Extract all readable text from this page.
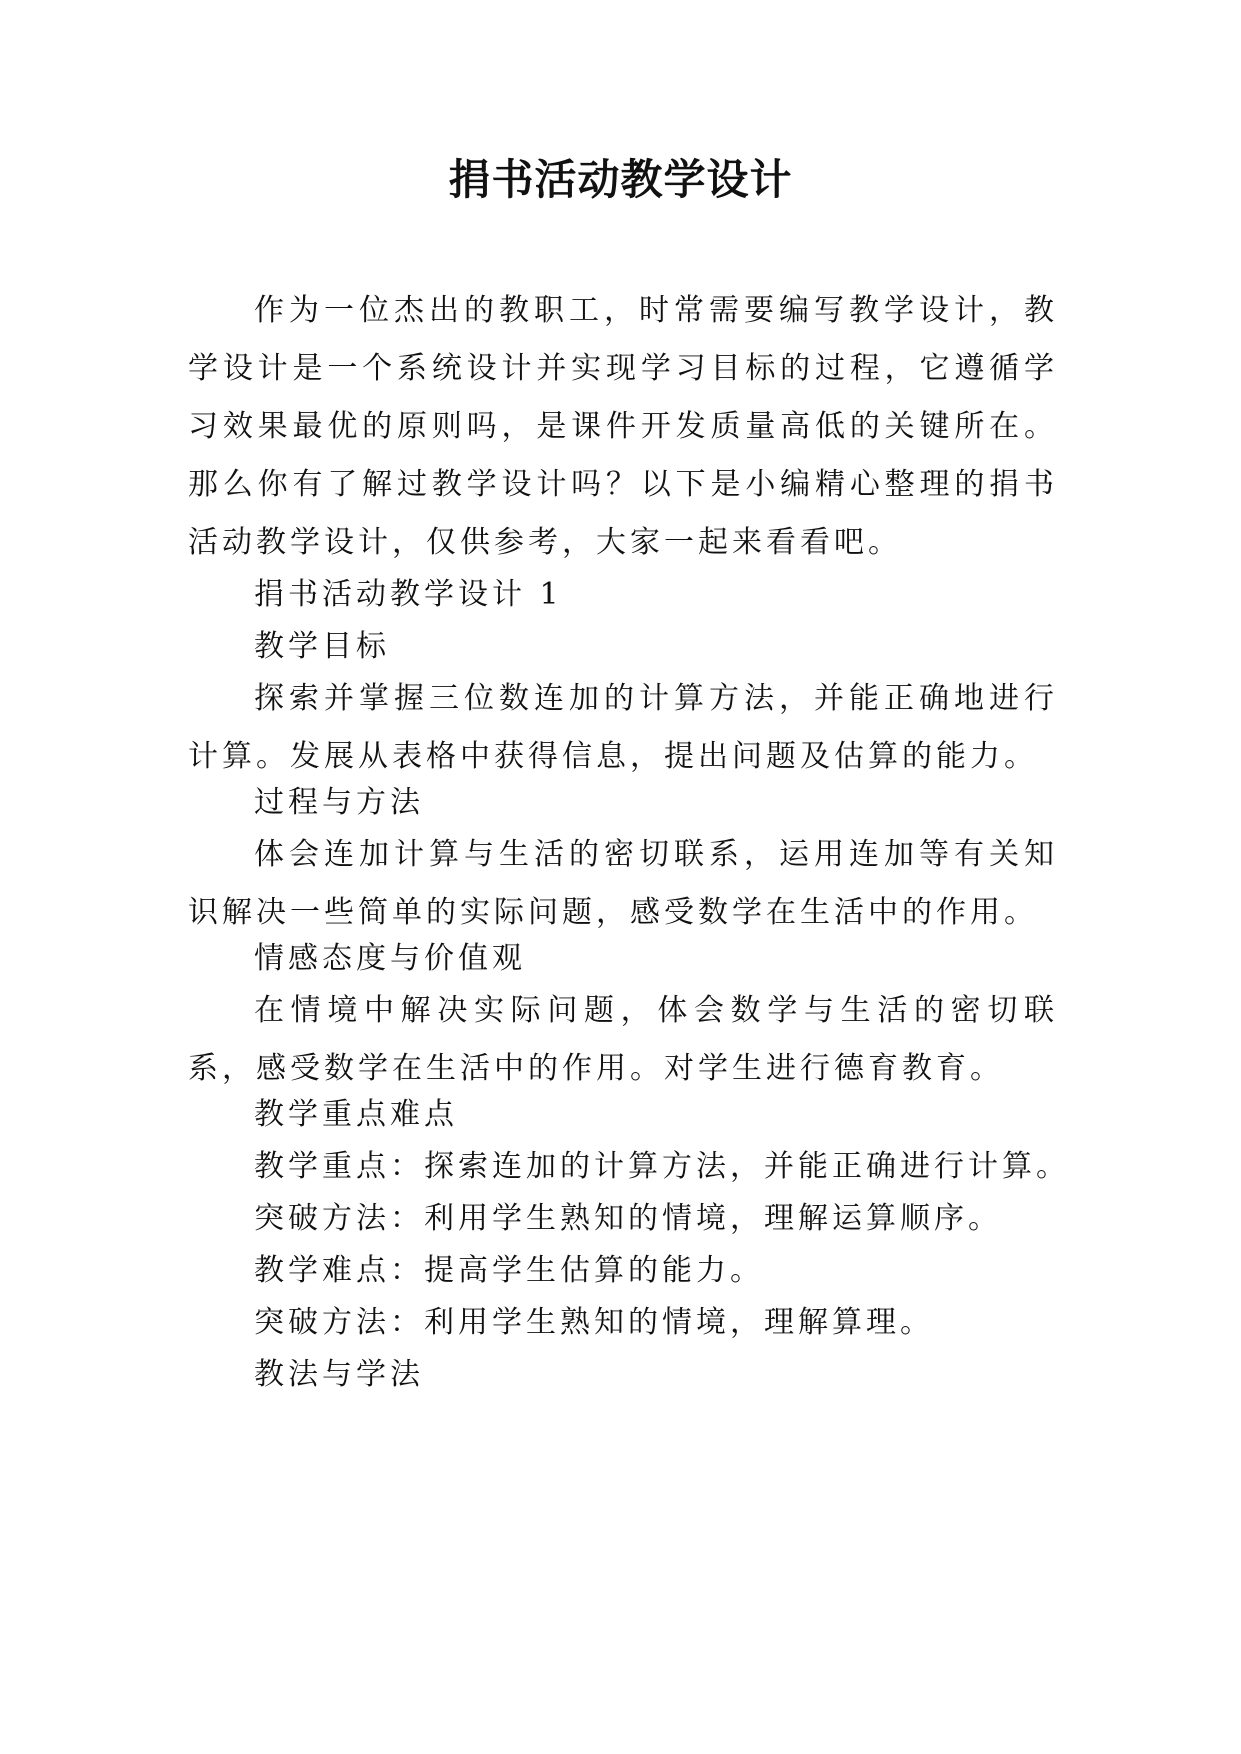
捐书活动教学设计

作为一位杰出的教职工，时常需要编写教学设计，教学设计是一个系统设计并实现学习目标的过程，它遵循学习效果最优的原则吗，是课件开发质量高低的关键所在。那么你有了解过教学设计吗？以下是小编精心整理的捐书活动教学设计，仅供参考，大家一起来看看吧。

捐书活动教学设计 1

教学目标

探索并掌握三位数连加的计算方法，并能正确地进行计算。发展从表格中获得信息，提出问题及估算的能力。

过程与方法

体会连加计算与生活的密切联系，运用连加等有关知识解决一些简单的实际问题，感受数学在生活中的作用。

情感态度与价值观

在情境中解决实际问题，体会数学与生活的密切联系，感受数学在生活中的作用。对学生进行德育教育。

教学重点难点

教学重点：探索连加的计算方法，并能正确进行计算。

突破方法：利用学生熟知的情境，理解运算顺序。

教学难点：提高学生估算的能力。

突破方法：利用学生熟知的情境，理解算理。

教法与学法
